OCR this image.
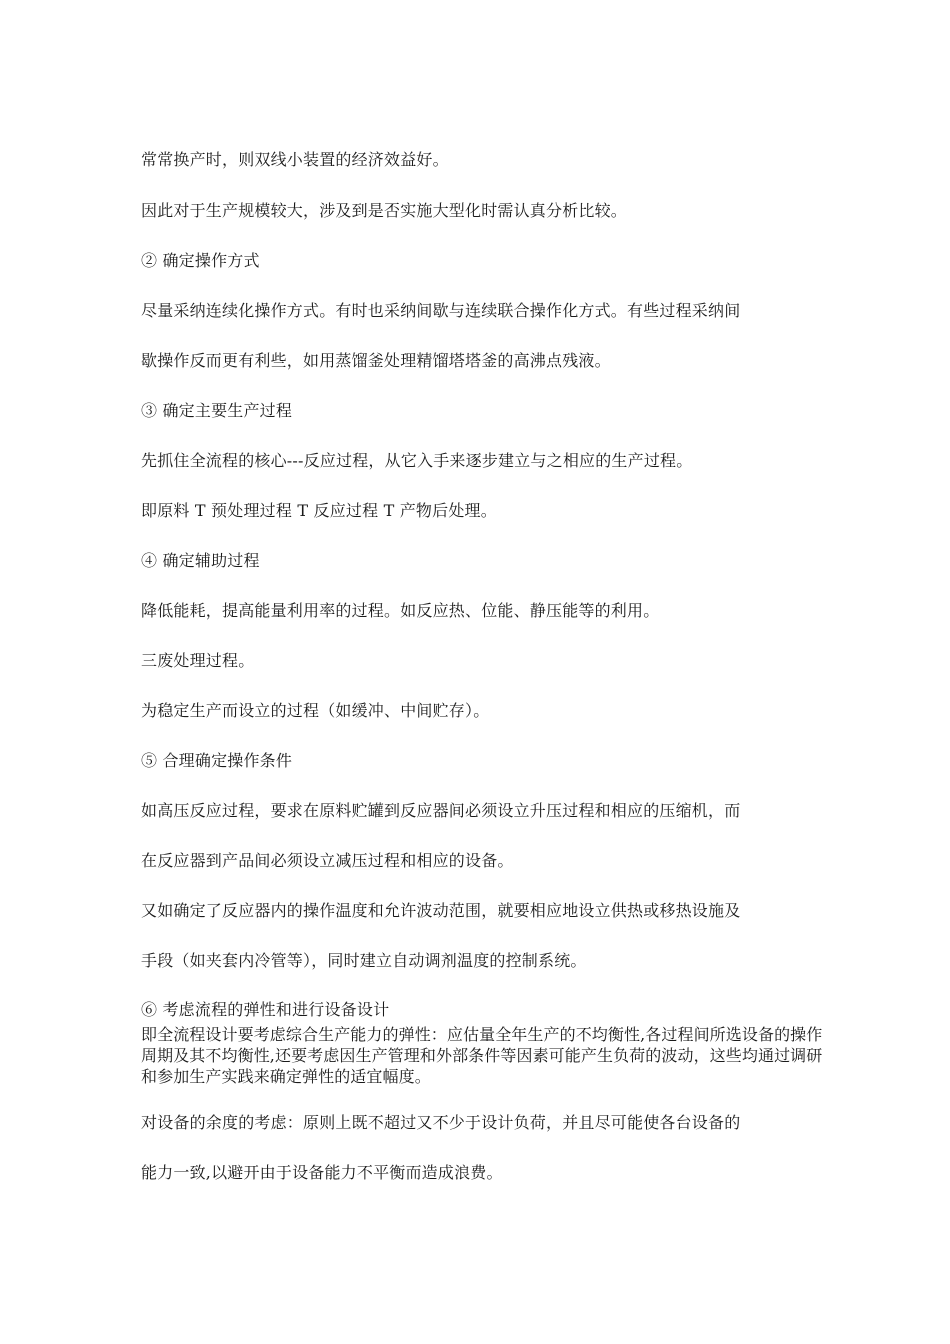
常常换产时，则双线小装置的经济效益好。
因此对于生产规模较大，涉及到是否实施大型化时需认真分析比较。
② 确定操作方式
尽量采纳连续化操作方式。有时也采纳间歇与连续联合操作化方式。有些过程采纳间
歇操作反而更有利些，如用蒸馏釜处理精馏塔塔釜的高沸点残液。
③ 确定主要生产过程
先抓住全流程的核心---反应过程，从它入手来逐步建立与之相应的生产过程。
即原料 T 预处理过程 T 反应过程 T 产物后处理。
④ 确定辅助过程
降低能耗，提高能量利用率的过程。如反应热、位能、静压能等的利用。
三废处理过程。
为稳定生产而设立的过程（如缓冲、中间贮存）。
⑤ 合理确定操作条件
如高压反应过程，要求在原料贮罐到反应器间必须设立升压过程和相应的压缩机，而
在反应器到产品间必须设立减压过程和相应的设备。
又如确定了反应器内的操作温度和允许波动范围，就要相应地设立供热或移热设施及
手段（如夹套内冷管等），同时建立自动调剂温度的控制系统。
⑥ 考虑流程的弹性和进行设备设计
即全流程设计要考虑综合生产能力的弹性：应估量全年生产的不均衡性,各过程间所选设备的操作周期及其不均衡性,还要考虑因生产管理和外部条件等因素可能产生负荷的波动，这些均通过调研和参加生产实践来确定弹性的适宜幅度。
对设备的余度的考虑：原则上既不超过又不少于设计负荷，并且尽可能使各台设备的
能力一致,以避开由于设备能力不平衡而造成浪费。
